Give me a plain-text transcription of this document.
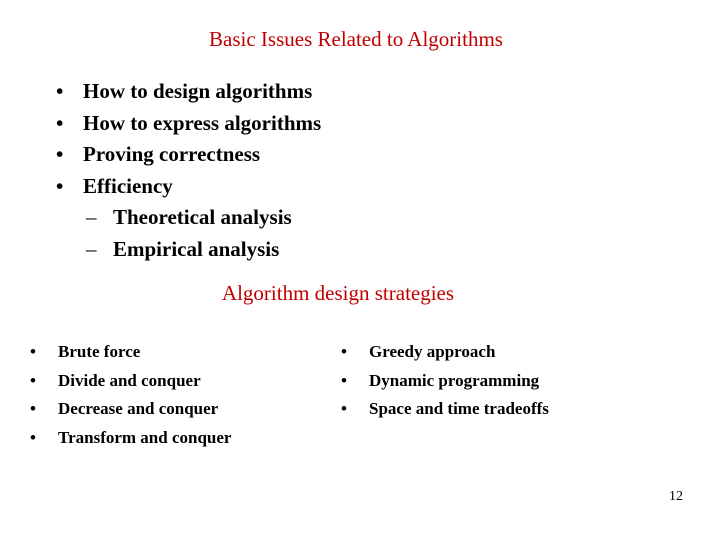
Basic Issues Related to Algorithms
• How to design algorithms
• How to express algorithms
• Proving correctness
• Efficiency
– Theoretical analysis
– Empirical analysis
Algorithm design strategies
• Brute force
• Divide and conquer
• Decrease and conquer
• Transform and conquer
• Greedy approach
• Dynamic programming
• Space and time tradeoffs
12
